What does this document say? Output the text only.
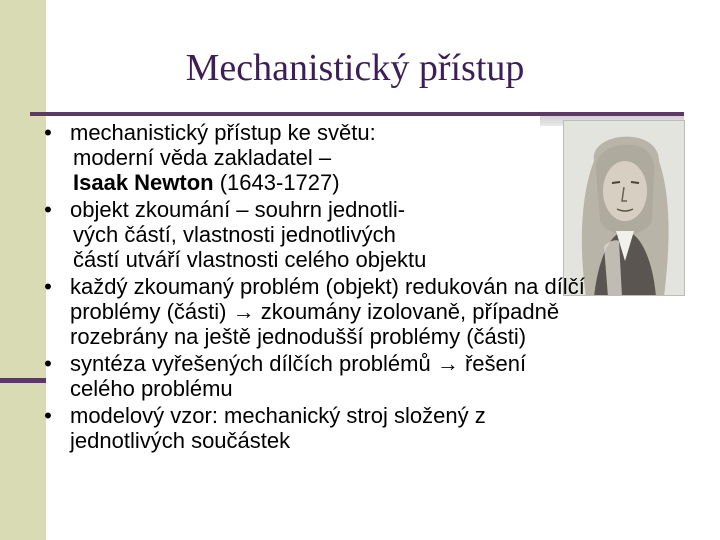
Mechanistický přístup
• mechanistický přístup ke světu:
moderní věda zakladatel –
Isaak Newton (1643-1727)
• objekt zkoumání – souhrn jednotli-
vých částí, vlastnosti jednotlivých
částí utváří vlastnosti celého objektu
• každý zkoumaný problém (objekt) redukován na dílčí
problémy (části) → zkoumány izolovaně, případně
rozebrány na ještě jednodušší problémy (části)
• syntéza vyřešených dílčích problémů → řešení
celého problému
• modelový vzor: mechanický stroj složený z
jednotlivých součástek
